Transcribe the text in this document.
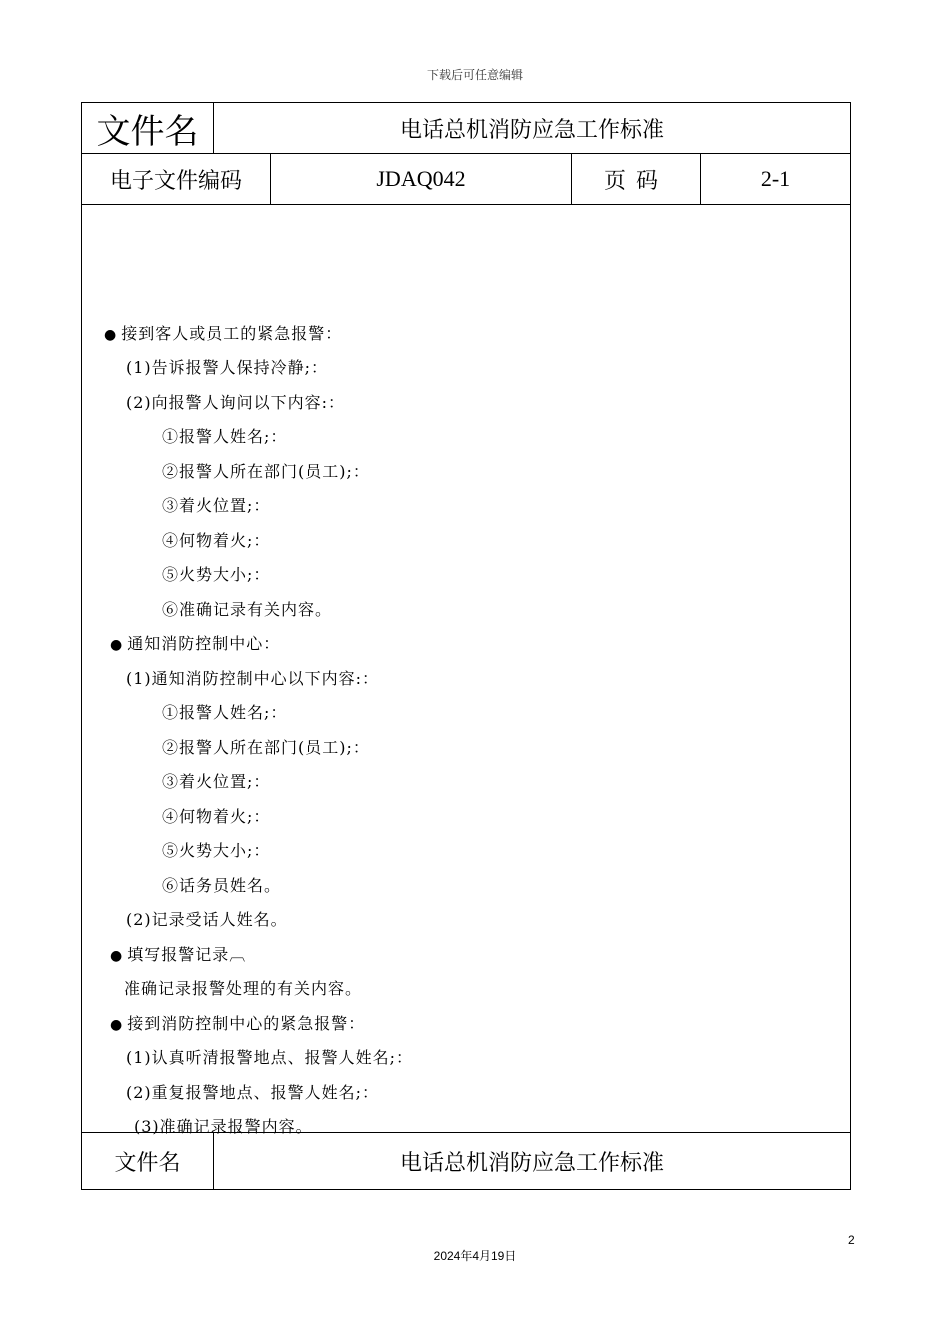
下载后可任意编辑
文件名	电话总机消防应急工作标准
电子文件编码	JDAQ042	页码	2-1
● 接到客人或员工的紧急报警：
(1)告诉报警人保持冷静;：
(2)向报警人询问以下内容:：
①报警人姓名;：
②报警人所在部门(员工);：
③着火位置;：
④何物着火;：
⑤火势大小;：
⑥准确记录有关内容。
● 通知消防控制中心：
(1)通知消防控制中心以下内容:：
①报警人姓名;：
②报警人所在部门(员工);：
③着火位置;：
④何物着火;：
⑤火势大小;：
⑥话务员姓名。
(2)记录受话人姓名。
● 填写报警记录︹
准确记录报警处理的有关内容。
● 接到消防控制中心的紧急报警：
(1)认真听清报警地点、报警人姓名;：
(2)重复报警地点、报警人姓名;：
(3)准确记录报警内容。
文件名	电话总机消防应急工作标准
2
2024年4月19日
